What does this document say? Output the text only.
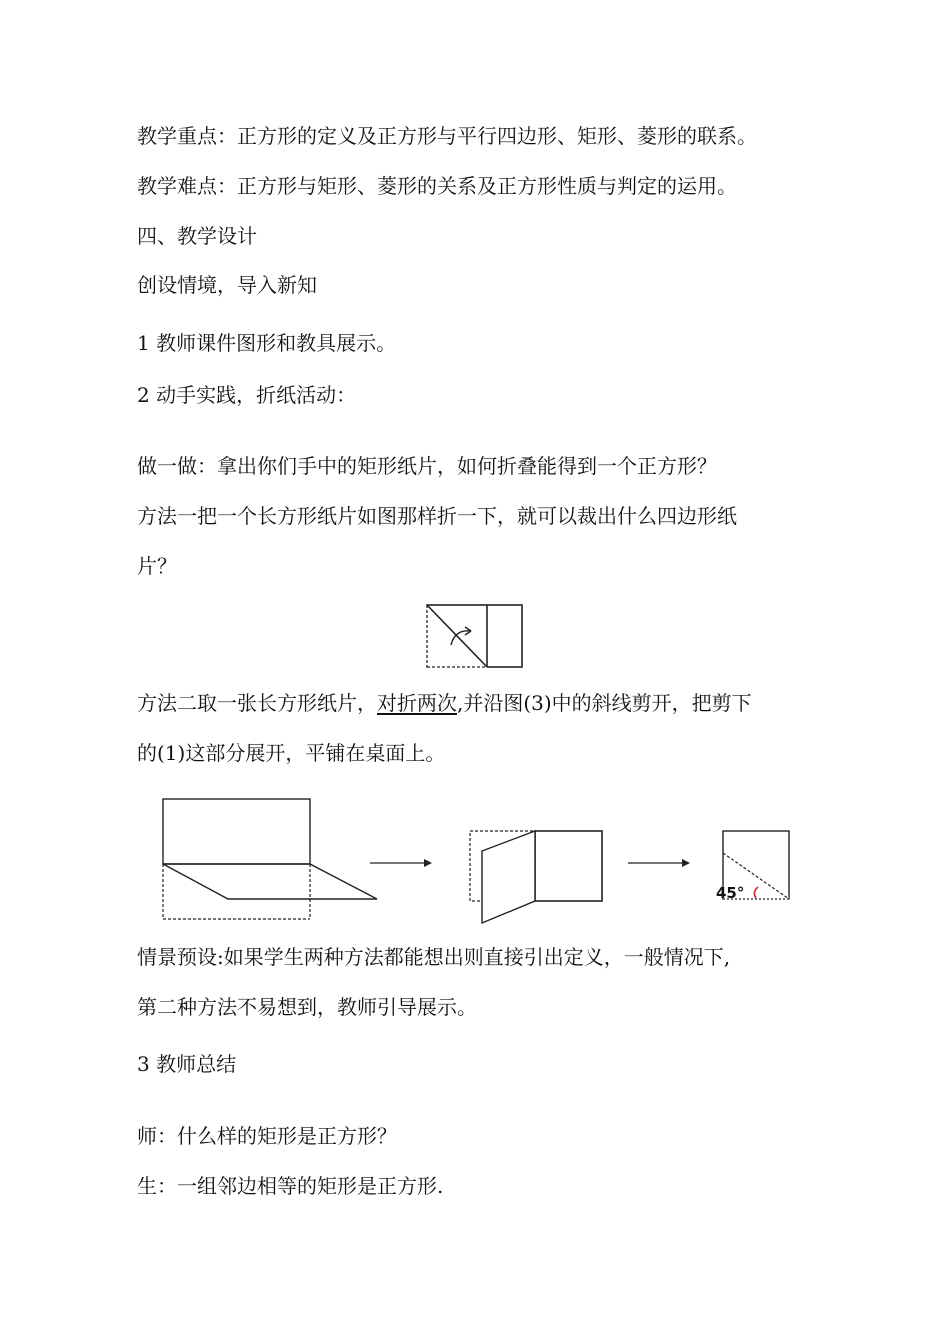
教学重点：正方形的定义及正方形与平行四边形、矩形、菱形的联系。
教学难点：正方形与矩形、菱形的关系及正方形性质与判定的运用。
四、教学设计
创设情境，导入新知
1 教师课件图形和教具展示。
2 动手实践，折纸活动：
做一做：拿出你们手中的矩形纸片，如何折叠能得到一个正方形？
方法一把一个长方形纸片如图那样折一下，就可以裁出什么四边形纸
片？
方法二取一张长方形纸片，对折两次,并沿图(3)中的斜线剪开，把剪下
的(1)这部分展开，平铺在桌面上。
45°
情景预设:如果学生两种方法都能想出则直接引出定义，一般情况下,
第二种方法不易想到，教师引导展示。
3 教师总结
师：什么样的矩形是正方形？
生：一组邻边相等的矩形是正方形.
